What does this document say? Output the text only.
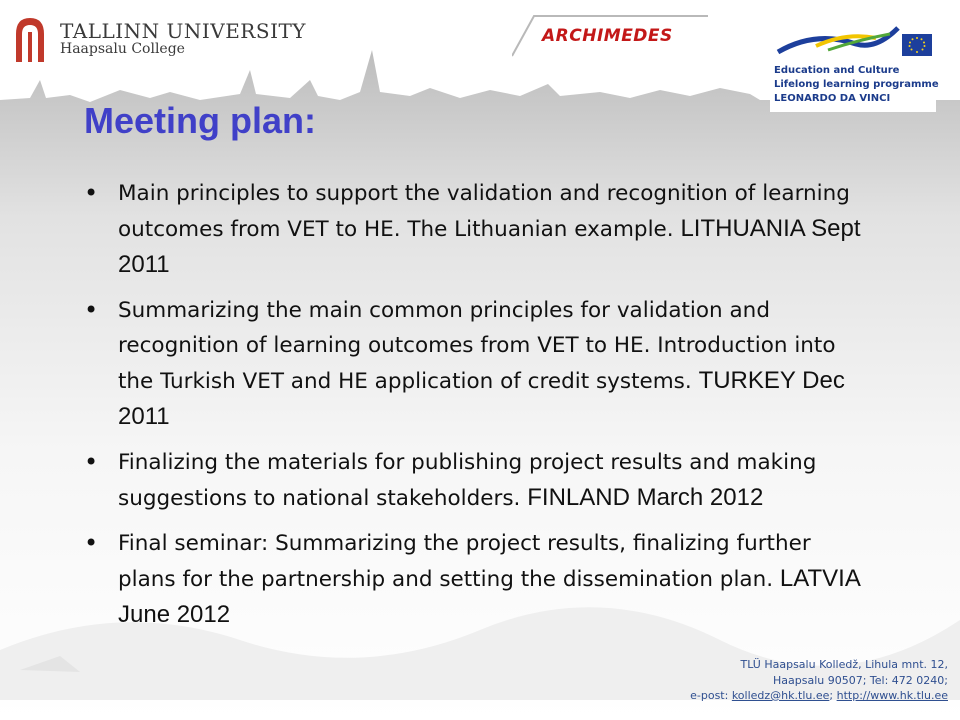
TALLINN UNIVERSITY
Haapsalu College
ARCHIMEDES
Education and Culture
Lifelong learning programme
LEONARDO DA VINCI
Meeting plan:
• Main principles to support the validation and recognition of learning outcomes from VET to HE. The Lithuanian example. LITHUANIA Sept 2011
• Summarizing the main common principles for validation and recognition of learning outcomes from VET to HE. Introduction into the Turkish VET and HE application of credit systems. TURKEY Dec 2011
• Finalizing the materials for publishing project results and making suggestions to national stakeholders. FINLAND March 2012
• Final seminar: Summarizing the project results, finalizing further plans for the partnership and setting the dissemination plan. LATVIA June 2012
TLÜ Haapsalu Kolledž, Lihula mnt. 12,
Haapsalu 90507; Tel: 472 0240;
e-post: kolledz@hk.tlu.ee; http://www.hk.tlu.ee
